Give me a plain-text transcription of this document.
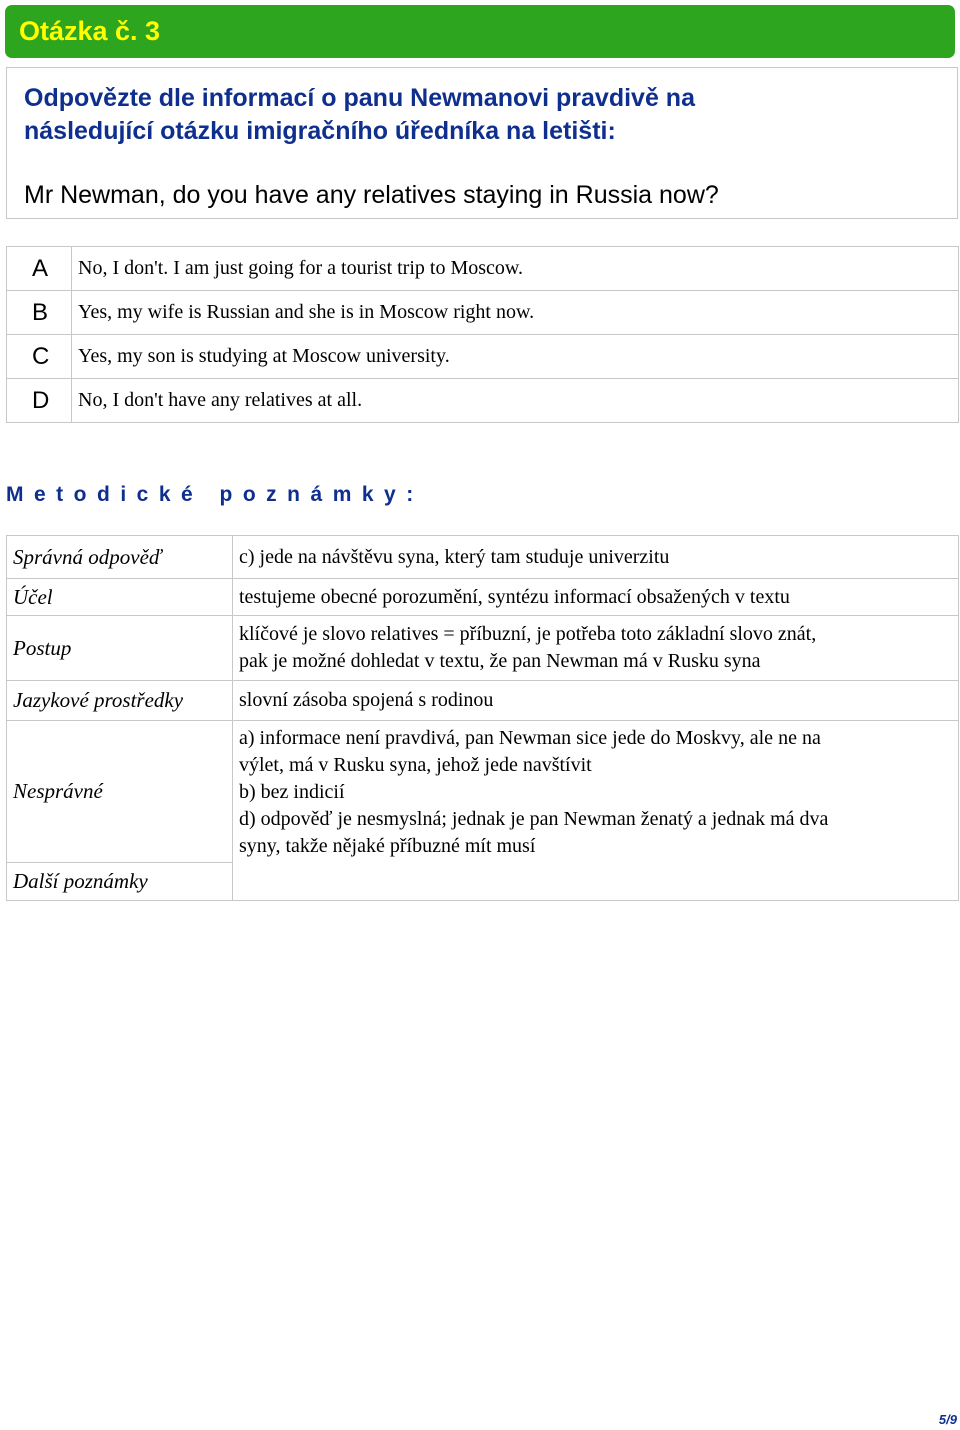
Otázka č. 3

Odpovězte dle informací o panu Newmanovi pravdivě na

následující otázku imigračního úředníka na letišti:

Mr Newman, do you have any relatives staying in Russia now?

A	No, I don't. I am just going for a tourist trip to Moscow.
B	Yes, my wife is Russian and she is in Moscow right now.
C	Yes, my son is studying at Moscow university.
D	No, I don't have any relatives at all.

Metodické poznámky:

Správná odpověď	c) jede na návštěvu syna, který tam studuje univerzitu

Účel	testujeme obecné porozumění, syntézu informací obsažených v textu

Postup	klíčové je slovo relatives = příbuzní, je potřeba toto základní slovo znát,
pak je možné dohledat v textu, že pan Newman má v Rusku syna

Jazykové prostředky	slovní zásoba spojená s rodinou

Nesprávné	a) informace není pravdivá, pan Newman sice jede do Moskvy, ale ne na
výlet, má v Rusku syna, jehož jede navštívit
b) bez indicií
d) odpověď je nesmyslná; jednak je pan Newman ženatý a jednak má dva
syny, takže nějaké příbuzné mít musí

Další poznámky	
5/9
